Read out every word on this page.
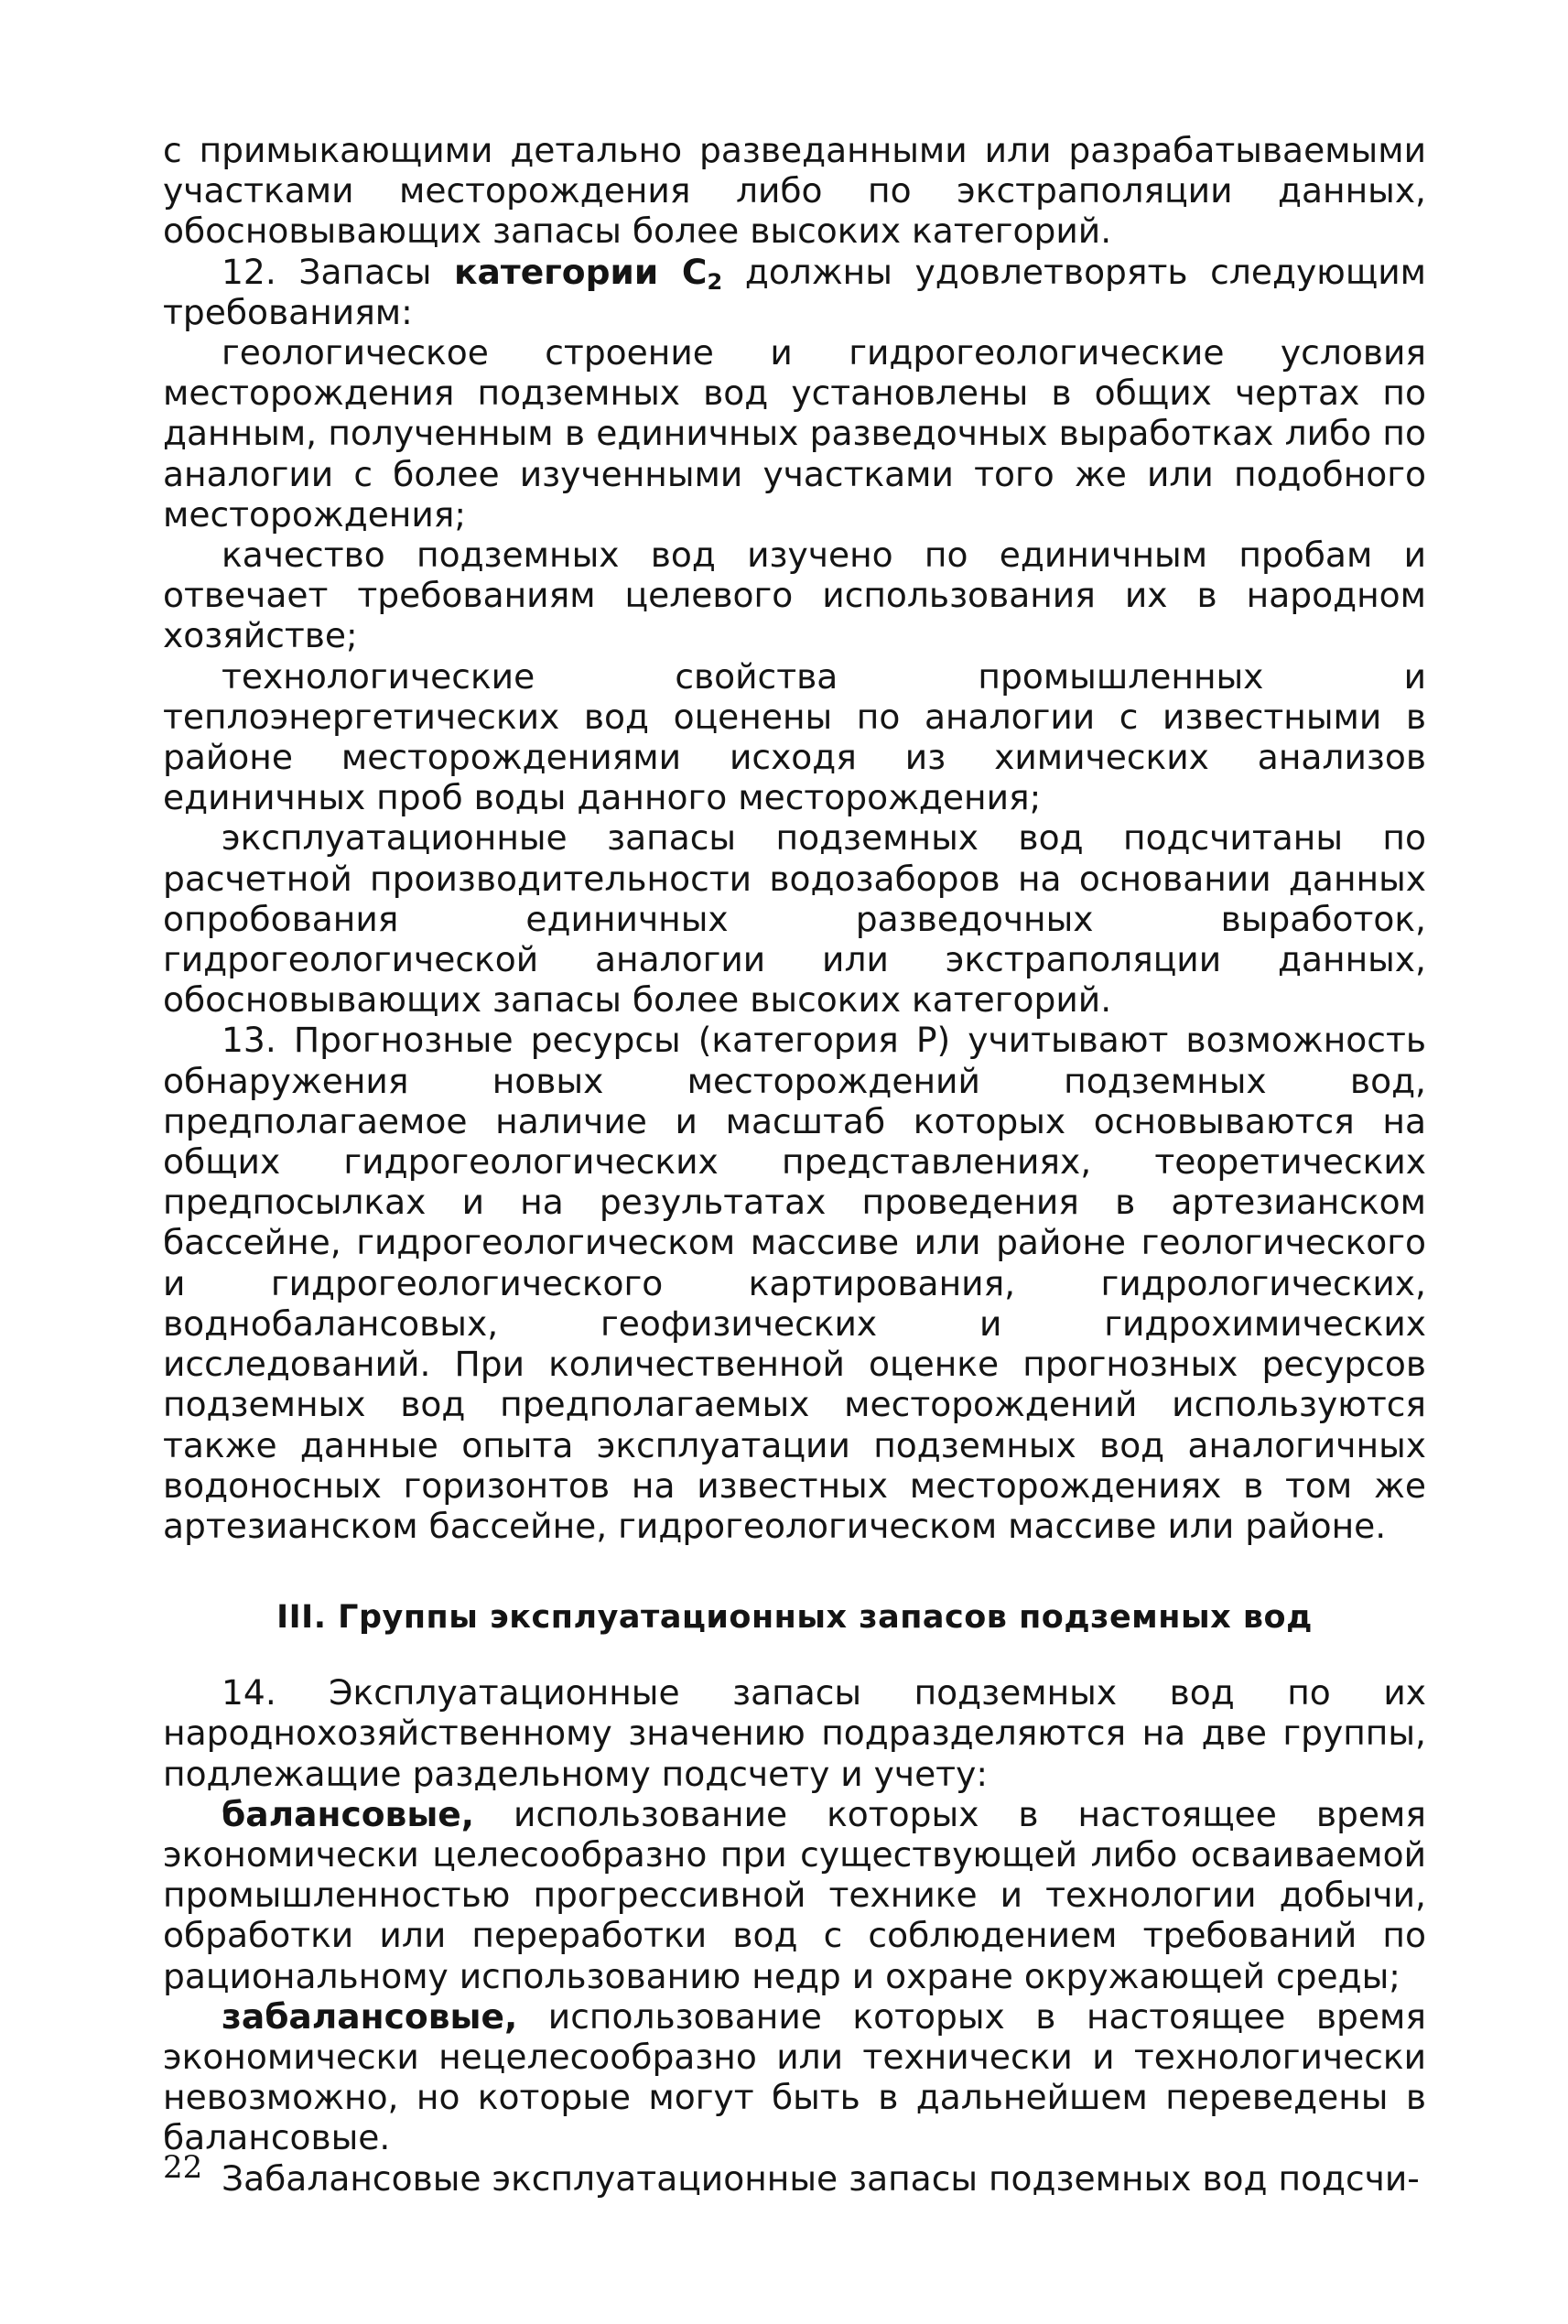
с примыкающими детально разведанными или разрабатываемыми участками месторождения либо по экстраполяции данных, обосновывающих запасы более высоких категорий.

12. Запасы категории $С_2$ должны удовлетворять следующим требованиям:

геологическое строение и гидрогеологические условия месторождения подземных вод установлены в общих чертах по данным, полученным в единичных разведочных выработках либо по аналогии с более изученными участками того же или подобного месторождения;

качество подземных вод изучено по единичным пробам и отвечает требованиям целевого использования их в народном хозяйстве;

технологические свойства промышленных и теплоэнергетических вод оценены по аналогии с известными в районе месторождениями исходя из химических анализов единичных проб воды данного месторождения;

эксплуатационные запасы подземных вод подсчитаны по расчетной производительности водозаборов на основании данных опробования единичных разведочных выработок, гидрогеологической аналогии или экстраполяции данных, обосновывающих запасы более высоких категорий.

13. Прогнозные ресурсы (категория Р) учитывают возможность обнаружения новых месторождений подземных вод, предполагаемое наличие и масштаб которых основываются на общих гидрогеологических представлениях, теоретических предпосылках и на результатах проведения в артезианском бассейне, гидрогеологическом массиве или районе геологического и гидрогеологического картирования, гидрологических, воднобалансовых, геофизических и гидрохимических исследований. При количественной оценке прогнозных ресурсов подземных вод предполагаемых месторождений используются также данные опыта эксплуатации подземных вод аналогичных водоносных горизонтов на известных месторождениях в том же артезианском бассейне, гидрогеологическом массиве или районе.

III. Группы эксплуатационных запасов подземных вод

14. Эксплуатационные запасы подземных вод по их народнохозяйственному значению подразделяются на две группы, подлежащие раздельному подсчету и учету:

балансовые, использование которых в настоящее время экономически целесообразно при существующей либо осваиваемой промышленностью прогрессивной технике и технологии добычи, обработки или переработки вод с соблюдением требований по рациональному использованию недр и охране окружающей среды;

забалансовые, использование которых в настоящее время экономически нецелесообразно или технически и технологически невозможно, но которые могут быть в дальнейшем переведены в балансовые.

Забалансовые эксплуатационные запасы подземных вод подсчи-

22
